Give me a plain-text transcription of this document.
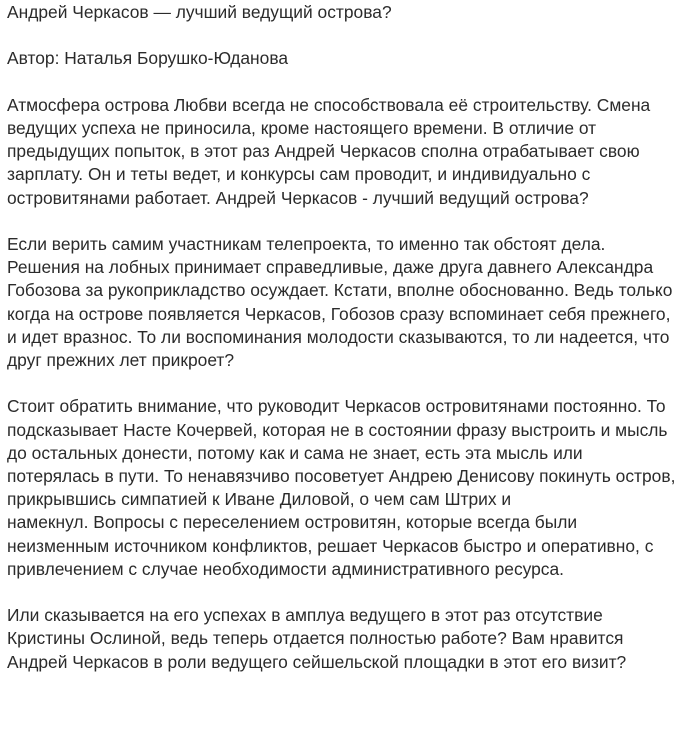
Андрей Черкасов — лучший ведущий острова?

Автор: Наталья Борушко-Юданова

Атмосфера острова Любви всегда не способствовала её строительству. Смена
ведущих успеха не приносила, кроме настоящего времени. В отличие от
предыдущих попыток, в этот раз Андрей Черкасов сполна отрабатывает свою
зарплату. Он и теты ведет, и конкурсы сам проводит, и индивидуально с
островитянами работает. Андрей Черкасов - лучший ведущий острова?

Если верить самим участникам телепроекта, то именно так обстоят дела.
Решения на лобных принимает справедливые, даже друга давнего Александра
Гобозова за рукоприкладство осуждает. Кстати, вполне обоснованно. Ведь только
когда на острове появляется Черкасов, Гобозов сразу вспоминает себя прежнего,
и идет вразнос. То ли воспоминания молодости сказываются, то ли надеется, что
друг прежних лет прикроет?

Стоит обратить внимание, что руководит Черкасов островитянами постоянно. То
подсказывает Насте Кочервей, которая не в состоянии фразу выстроить и мысль
до остальных донести, потому как и сама не знает, есть эта мысль или
потерялась в пути. То ненавязчиво посоветует Андрею Денисову покинуть остров,
прикрывшись симпатией к Иване Диловой, о чем сам Штрих и
намекнул. Вопросы с переселением островитян, которые всегда были
неизменным источником конфликтов, решает Черкасов быстро и оперативно, с
привлечением с случае необходимости административного ресурса.

Или сказывается на его успехах в амплуа ведущего в этот раз отсутствие
Кристины Ослиной, ведь теперь отдается полностью работе? Вам нравится
Андрей Черкасов в роли ведущего сейшельской площадки в этот его визит?
